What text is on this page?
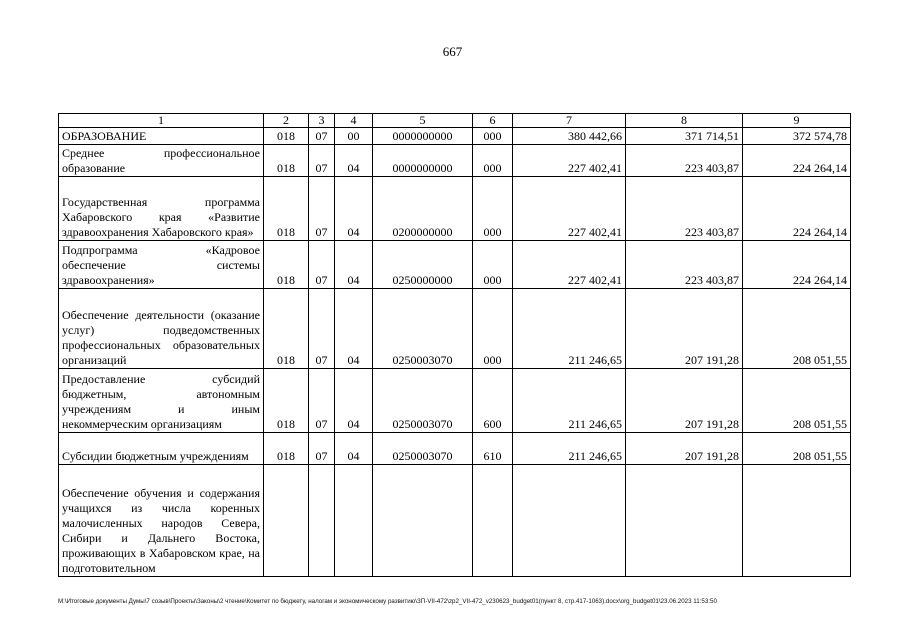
667
1	2	3	4	5	6	7	8	9
ОБРАЗОВАНИЕ	018	07	00	0000000000	000	380 442,66	371 714,51	372 574,78
Среднее профессиональное образование	018	07	04	0000000000	000	227 402,41	223 403,87	224 264,14
Государственная программа Хабаровского края «Развитие здравоохранения Хабаровского края»	018	07	04	0200000000	000	227 402,41	223 403,87	224 264,14
Подпрограмма «Кадровое обеспечение системы здравоохранения»	018	07	04	0250000000	000	227 402,41	223 403,87	224 264,14
Обеспечение деятельности (оказание услуг) подведомственных профессиональных образовательных организаций	018	07	04	0250003070	000	211 246,65	207 191,28	208 051,55
Предоставление субсидий бюджетным, автономным учреждениям и иным некоммерческим организациям	018	07	04	0250003070	600	211 246,65	207 191,28	208 051,55
Субсидии бюджетным учреждениям	018	07	04	0250003070	610	211 246,65	207 191,28	208 051,55
Обеспечение обучения и содержания учащихся из числа коренных малочисленных народов Севера, Сибири и Дальнего Востока, проживающих в Хабаровском крае, на подготовительном								
M:\Итоговые документы Думы\7 созыв\Проекты\Законы\2 чтение\Комитет по бюджету, налогам и экономическому развитию\ЗП-VII-472\zp2_VII-472_v230623_budget01(пункт 8, стр.417-1063).docx\org_budget01\23.06.2023 11:53:50
